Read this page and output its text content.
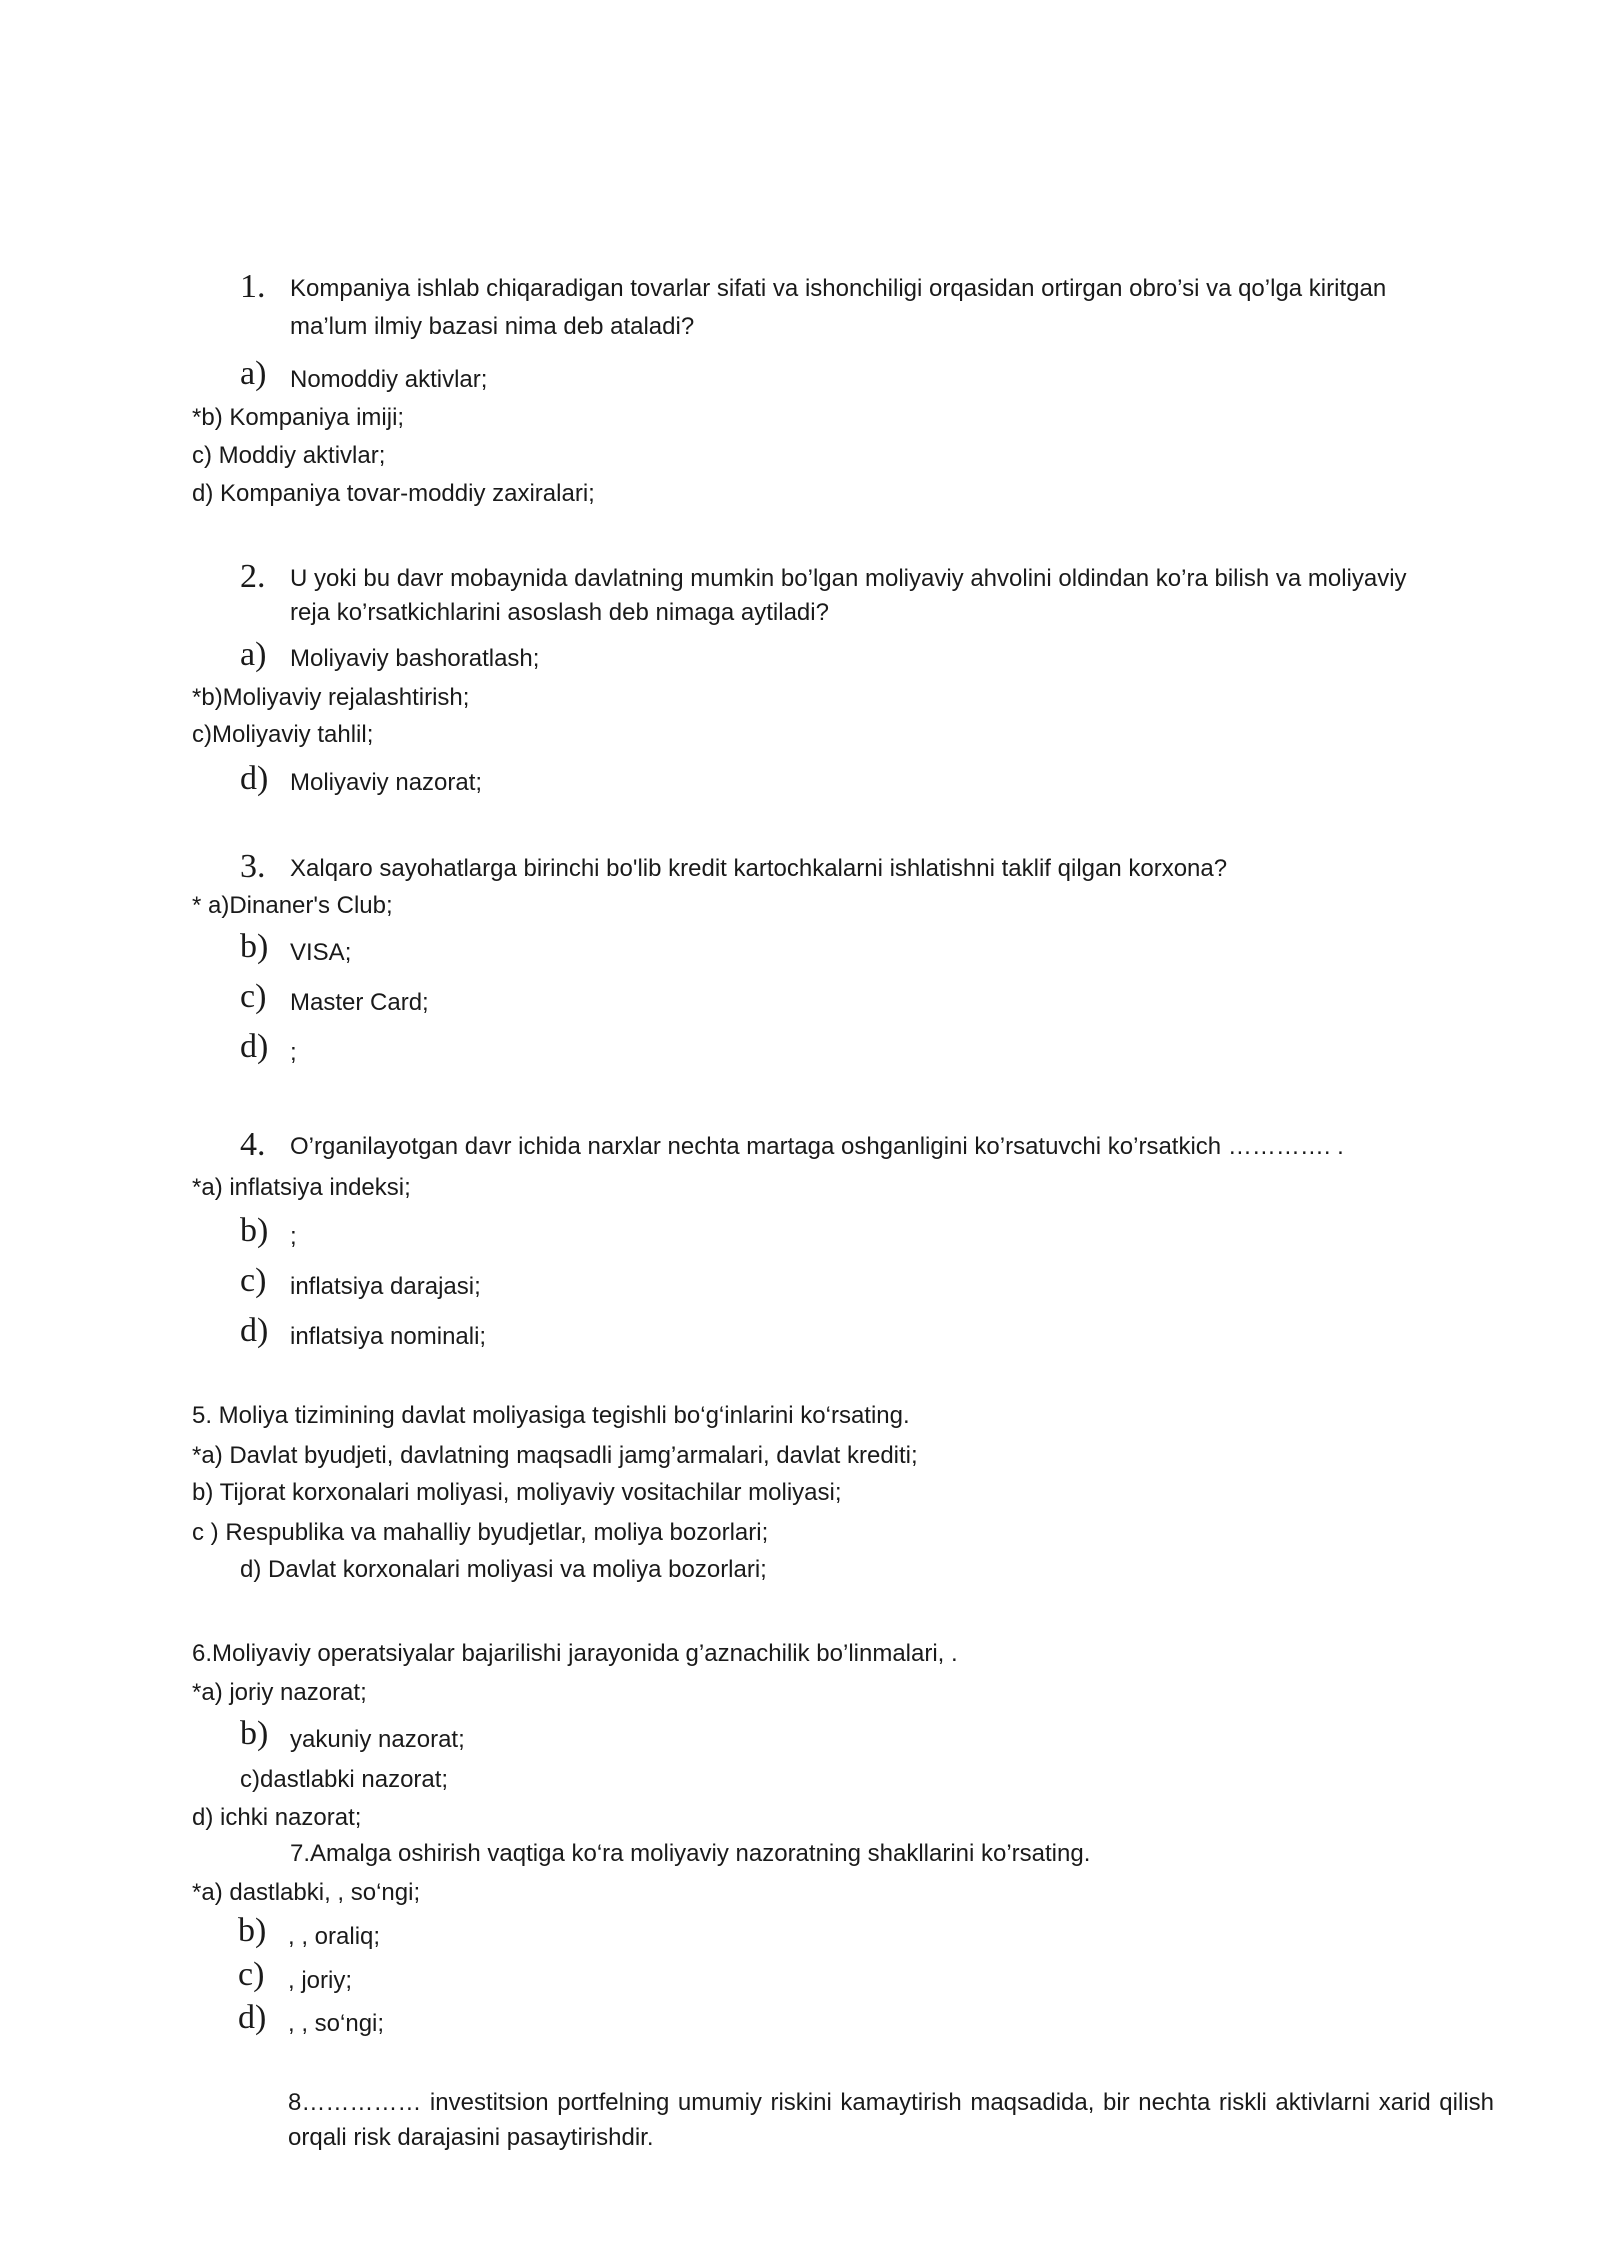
1. Kompaniya ishlab chiqaradigan tovarlar sifati va ishonchiligi orqasidan ortirgan obro’si va qo’lga kiritgan
ma’lum ilmiy bazasi nima deb ataladi?
a) Nomoddiy aktivlar;
*b) Kompaniya imiji;
c) Moddiy aktivlar;
d) Kompaniya tovar-moddiy zaxiralari;
2. U yoki bu davr mobaynida davlatning mumkin bo’lgan moliyaviy ahvolini oldindan ko’ra bilish va moliyaviy
reja ko’rsatkichlarini asoslash deb nimaga aytiladi?
a) Moliyaviy bashoratlash;
*b)Moliyaviy rejalashtirish;
c)Moliyaviy tahlil;
d) Moliyaviy nazorat;
3. Xalqaro sayohatlarga birinchi bo'lib kredit kartochkalarni ishlatishni taklif qilgan korxona?
* a)Dinaner's Club;
b) VISA;
c) Master Card;
d) ;
4. O’rganilayotgan davr ichida narxlar nechta martaga oshganligini ko’rsatuvchi ko’rsatkich …………. .
*a) inflatsiya indeksi;
b) ;
c) inflatsiya darajasi;
d) inflatsiya nominali;
5. Moliya tizimining davlat moliyasiga tegishli bo‘g‘inlarini ko‘rsating.
*a) Davlat byudjeti, davlatning maqsadli jamg’armalari, davlat krediti;
b) Tijorat korxonalari moliyasi, moliyaviy vositachilar moliyasi;
c ) Respublika va mahalliy byudjetlar, moliya bozorlari;
d) Davlat korxonalari moliyasi va moliya bozorlari;
6.Moliyaviy operatsiyalar bajarilishi jarayonida g’aznachilik bo’linmalari, .
*a) joriy nazorat;
b) yakuniy nazorat;
c)dastlabki nazorat;
d) ichki nazorat;
7.Amalga oshirish vaqtiga ko‘ra moliyaviy nazoratning shakllarini ko’rsating.
*a) dastlabki, , so‘ngi;
b) , , oraliq;
c) , joriy;
d) , , so‘ngi;
8…………… investitsion portfelning umumiy riskini kamaytirish maqsadida, bir nechta riskli aktivlarni xarid qilish orqali risk darajasini pasaytirishdir.
